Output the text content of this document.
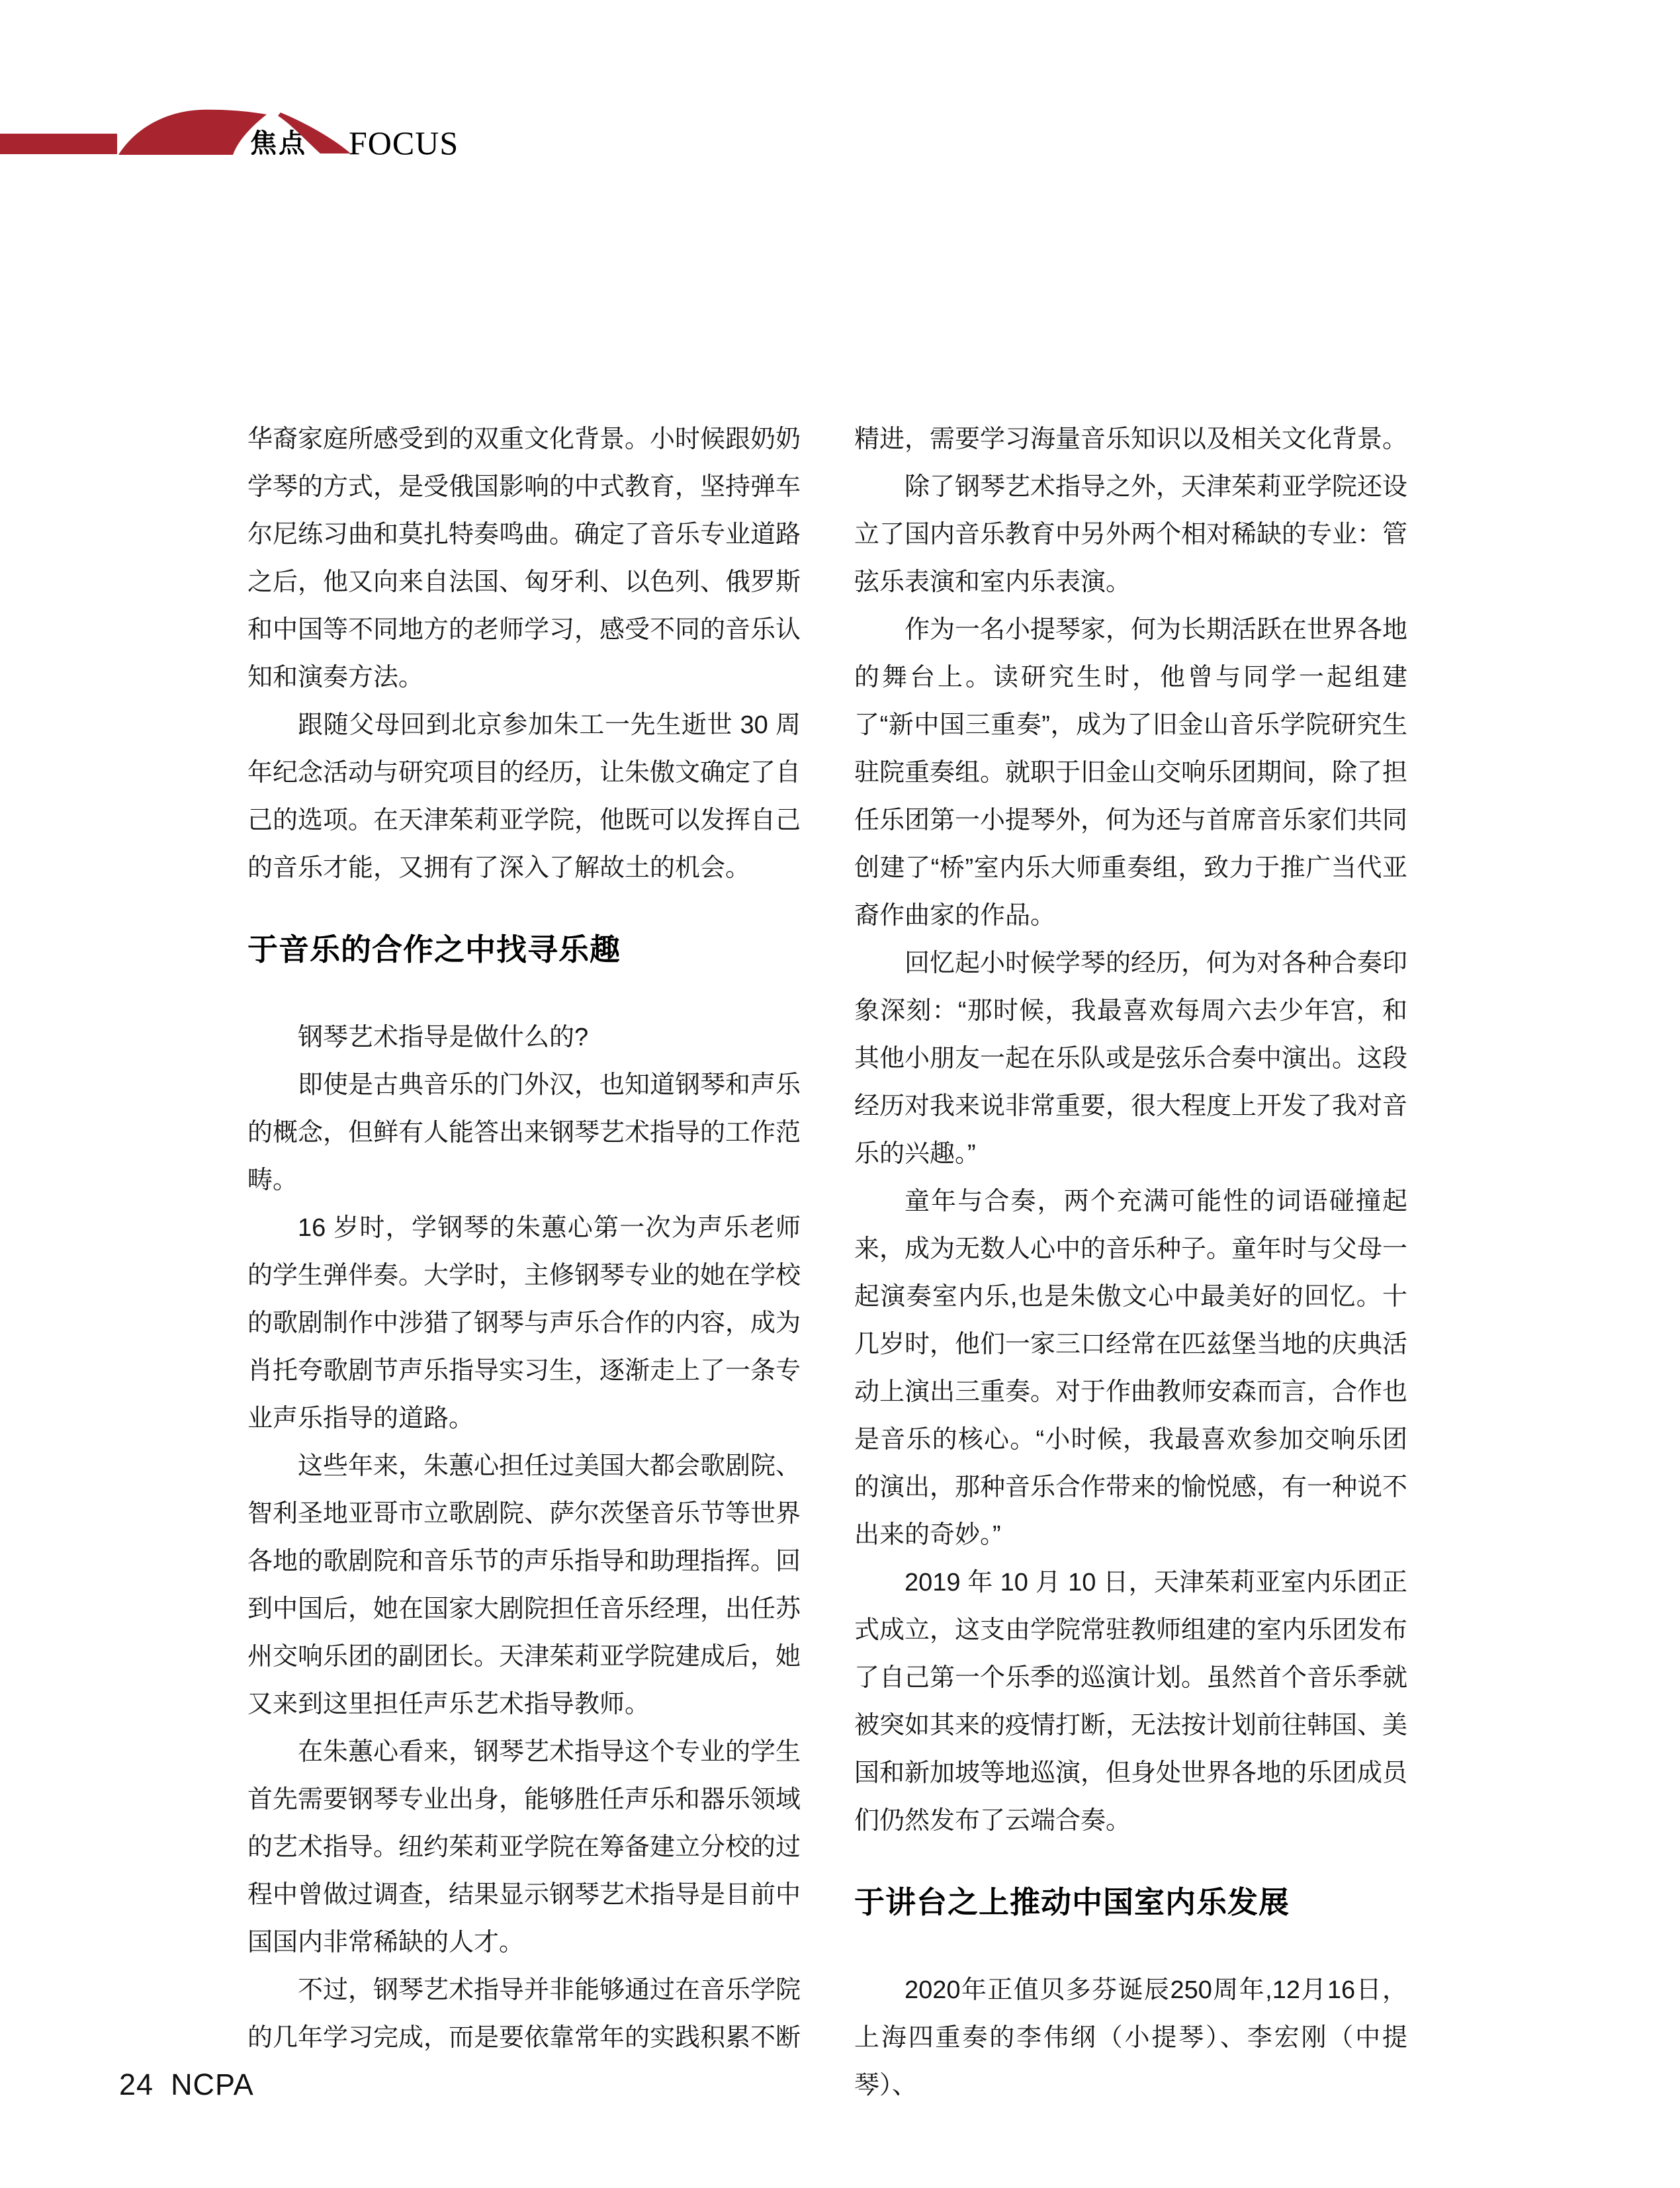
焦点 FOCUS

华裔家庭所感受到的双重文化背景。小时候跟奶奶学琴的方式，是受俄国影响的中式教育，坚持弹车尔尼练习曲和莫扎特奏鸣曲。确定了音乐专业道路之后，他又向来自法国、匈牙利、以色列、俄罗斯和中国等不同地方的老师学习，感受不同的音乐认知和演奏方法。

跟随父母回到北京参加朱工一先生逝世 30 周年纪念活动与研究项目的经历，让朱傲文确定了自己的选项。在天津茱莉亚学院，他既可以发挥自己的音乐才能，又拥有了深入了解故土的机会。

于音乐的合作之中找寻乐趣

钢琴艺术指导是做什么的?

即使是古典音乐的门外汉，也知道钢琴和声乐的概念，但鲜有人能答出来钢琴艺术指导的工作范畴。

16 岁时，学钢琴的朱蕙心第一次为声乐老师的学生弹伴奏。大学时，主修钢琴专业的她在学校的歌剧制作中涉猎了钢琴与声乐合作的内容，成为肖托夸歌剧节声乐指导实习生，逐渐走上了一条专业声乐指导的道路。

这些年来，朱蕙心担任过美国大都会歌剧院、智利圣地亚哥市立歌剧院、萨尔茨堡音乐节等世界各地的歌剧院和音乐节的声乐指导和助理指挥。回到中国后，她在国家大剧院担任音乐经理，出任苏州交响乐团的副团长。天津茱莉亚学院建成后，她又来到这里担任声乐艺术指导教师。

在朱蕙心看来，钢琴艺术指导这个专业的学生首先需要钢琴专业出身，能够胜任声乐和器乐领域的艺术指导。纽约茱莉亚学院在筹备建立分校的过程中曾做过调查，结果显示钢琴艺术指导是目前中国国内非常稀缺的人才。

不过，钢琴艺术指导并非能够通过在音乐学院的几年学习完成，而是要依靠常年的实践积累不断

精进，需要学习海量音乐知识以及相关文化背景。

除了钢琴艺术指导之外，天津茱莉亚学院还设立了国内音乐教育中另外两个相对稀缺的专业：管弦乐表演和室内乐表演。

作为一名小提琴家，何为长期活跃在世界各地的舞台上。读研究生时，他曾与同学一起组建了“新中国三重奏”，成为了旧金山音乐学院研究生驻院重奏组。就职于旧金山交响乐团期间，除了担任乐团第一小提琴外，何为还与首席音乐家们共同创建了“桥”室内乐大师重奏组，致力于推广当代亚裔作曲家的作品。

回忆起小时候学琴的经历，何为对各种合奏印象深刻：“那时候，我最喜欢每周六去少年宫，和其他小朋友一起在乐队或是弦乐合奏中演出。这段经历对我来说非常重要，很大程度上开发了我对音乐的兴趣。”

童年与合奏，两个充满可能性的词语碰撞起来，成为无数人心中的音乐种子。童年时与父母一起演奏室内乐,也是朱傲文心中最美好的回忆。十几岁时，他们一家三口经常在匹兹堡当地的庆典活动上演出三重奏。对于作曲教师安森而言，合作也是音乐的核心。“小时候，我最喜欢参加交响乐团的演出，那种音乐合作带来的愉悦感，有一种说不出来的奇妙。”

2019 年 10 月 10 日，天津茱莉亚室内乐团正式成立，这支由学院常驻教师组建的室内乐团发布了自己第一个乐季的巡演计划。虽然首个音乐季就被突如其来的疫情打断，无法按计划前往韩国、美国和新加坡等地巡演，但身处世界各地的乐团成员们仍然发布了云端合奏。

于讲台之上推动中国室内乐发展

2020年正值贝多芬诞辰250周年,12月16日，上海四重奏的李伟纲（小提琴）、李宏刚（中提琴）、

24 NCPA
